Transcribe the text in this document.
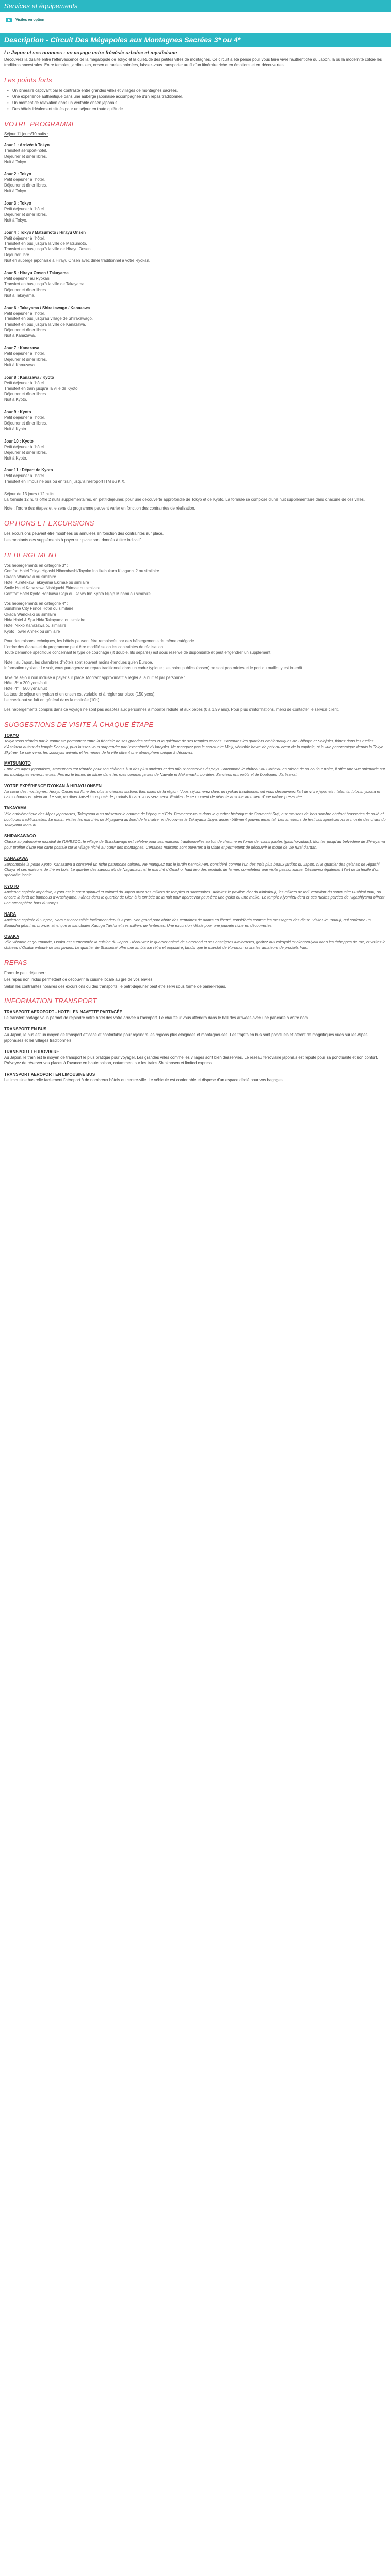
Services et équipements
Visites en option
Description - Circuit Des Mégapoles aux Montagnes Sacrées 3* ou 4*
Le Japon et ses nuances : un voyage entre frénésie urbaine et mysticisme

Découvrez la dualité entre l'effervescence de la mégalopole de Tokyo et la quiétude des petites villes de montagnes. Ce circuit a été pensé pour vous faire vivre l'authenticité du Japon, là où la modernité côtoie les traditions ancestrales. Entre temples, jardins zen, onsen et ruelles animées, laissez-vous transporter au fil d'un itinéraire riche en émotions et en découvertes.

Les points forts
• Un itinéraire captivant par le contraste entre grandes villes et villages de montagnes sacrées.
• Une expérience authentique dans une auberge japonaise accompagnée d'un repas traditionnel.
• Un moment de relaxation dans un véritable onsen japonais.
• Des hôtels idéalement situés pour un séjour en toute quiétude.
VOTRE PROGRAMME
Séjour 11 jours/10 nuits :
Jour 1 : Arrivée à Tokyo
Transfert aéroport-hôtel.
Déjeuner et dîner libres.
Nuit à Tokyo.
Jour 2 : Tokyo
Petit déjeuner à l'hôtel.
Déjeuner et dîner libres.
Nuit à Tokyo.
Jour 3 : Tokyo
Petit déjeuner à l'hôtel.
Déjeuner et dîner libres.
Nuit à Tokyo.
Jour 4 : Tokyo / Matsumoto / Hirayu Onsen
Petit déjeuner à l'hôtel.
Transfert en bus jusqu'à la ville de Matsumoto.
Transfert en bus jusqu'à la ville de Hirayu Onsen.
Déjeuner libre.
Nuit en auberge japonaise à Hirayu Onsen avec dîner traditionnel à votre Ryokan.
Jour 5 : Hirayu Onsen / Takayama
Petit déjeuner au Ryokan.
Transfert en bus jusqu'à la ville de Takayama.
Déjeuner et dîner libres.
Nuit à Takayama.
Jour 6 : Takayama / Shirakawago / Kanazawa
Petit déjeuner à l'hôtel.
Transfert en bus jusqu'au village de Shirakawago.
Transfert en bus jusqu'à la ville de Kanazawa.
Déjeuner et dîner libres.
Nuit à Kanazawa.
Jour 7 : Kanazawa
Petit déjeuner à l'hôtel.
Déjeuner et dîner libres.
Nuit à Kanazawa.
Jour 8 : Kanazawa / Kyoto
Petit déjeuner à l'hôtel.
Transfert en train jusqu'à la ville de Kyoto.
Déjeuner et dîner libres.
Nuit à Kyoto.
Jour 9 : Kyoto
Petit déjeuner à l'hôtel.
Déjeuner et dîner libres.
Nuit à Kyoto.
Jour 10 : Kyoto
Petit déjeuner à l'hôtel.
Déjeuner et dîner libres.
Nuit à Kyoto.
Jour 11 : Départ de Kyoto
Petit déjeuner à l'hôtel.
Transfert en limousine bus ou en train jusqu'à l'aéroport ITM ou KIX.

Séjour de 13 jours / 12 nuits

La formule 12 nuits offre 2 nuits supplémentaires, en petit-déjeuner, pour une découverte approfondie de Tokyo et de Kyoto. La formule se compose d'une nuit supplémentaire dans chacune de ces villes.

Note : l'ordre des étapes et le sens du programme peuvent varier en fonction des contraintes de réalisation.

OPTIONS ET EXCURSIONS

Les excursions peuvent être modifiées ou annulées en fonction des contraintes sur place.

Les montants des suppléments à payer sur place sont donnés à titre indicatif.

HEBERGEMENT

Vos hébergements en catégorie 3* :

Comfort Hotel Tokyo Higashi Nihombashi/Toyoko Inn Ikebukuro Kitaguchi 2 ou similaire

Okada Wanokaki ou similaire

Hotel Kuretekaw Takayama Ekimae ou similaire

Smile Hotel Kanazawa Nishiguchi Ekimae ou similaire

Comfort Hotel Kyoto Horikawa Gojo ou Daiwa Inn Kyoto Nijojo Minami ou similaire

Vos hébergements en catégorie 4* :

Sunshine City Prince Hotel ou similaire

Okada Wanokaki ou similaire

Hida Hotel & Spa Hida Takayama ou similaire

Hotel Nikko Kanazawa ou similaire

Kyoto Tower Annex ou similaire

Pour des raisons techniques, les hôtels peuvent être remplacés par des hébergements de même catégorie.

L'ordre des étapes et du programme peut être modifié selon les contraintes de réalisation.

Toute demande spécifique concernant le type de couchage (lit double, lits séparés) est sous réserve de disponibilité et peut engendrer un supplément.

Note : au Japon, les chambres d'hôtels sont souvent moins étendues qu'en Europe.

Information ryokan : Le soir, vous partagerez un repas traditionnel dans un cadre typique ; les bains publics (onsen) ne sont pas mixtes et le port du maillot y est interdit.

Taxe de séjour non incluse à payer sur place. Montant approximatif à régler à la nuit et par personne :

Hôtel 3* = 200 yens/nuit

Hôtel 4* = 500 yens/nuit

La taxe de séjour en ryokan et en onsen est variable et à régler sur place (150 yens).

Le check-out se fait en général dans la matinée (10h).

Les hébergements compris dans ce voyage ne sont pas adaptés aux personnes à mobilité réduite et aux bébés (0 à 1,99 ans). Pour plus d'informations, merci de contacter le service client.

SUGGESTIONS DE VISITE À CHAQUE ÉTAPE
TOKYO
Tokyo vous séduira par le contraste permanent entre la frénésie de ses grandes artères et la quiétude de ses temples cachés. Parcourez les quartiers emblématiques de Shibuya et Shinjuku, flânez dans les ruelles d'Asakusa autour du temple Senso-ji, puis laissez-vous surprendre par l'excentricité d'Harajuku. Ne manquez pas le sanctuaire Meiji, véritable havre de paix au cœur de la capitale, ni la vue panoramique depuis la Tokyo Skytree. Le soir venu, les izakayas animés et les néons de la ville offrent une atmosphère unique à découvrir.
MATSUMOTO
Entre les Alpes japonaises, Matsumoto est réputée pour son château, l'un des plus anciens et des mieux conservés du pays. Surnommé le château du Corbeau en raison de sa couleur noire, il offre une vue splendide sur les montagnes environnantes. Prenez le temps de flâner dans les rues commerçantes de Nawate et Nakamachi, bordées d'anciens entrepôts et de boutiques d'artisanat.
VOTRE EXPÉRIENCE RYOKAN À HIRAYU ONSEN
Au cœur des montagnes, Hirayu Onsen est l'une des plus anciennes stations thermales de la région. Vous séjournerez dans un ryokan traditionnel, où vous découvrirez l'art de vivre japonais : tatamis, futons, yukata et bains chauds en plein air. Le soir, un dîner kaiseki composé de produits locaux vous sera servi. Profitez de ce moment de détente absolue au milieu d'une nature préservée.
TAKAYAMA
Ville emblématique des Alpes japonaises, Takayama a su préserver le charme de l'époque d'Edo. Promenez-vous dans le quartier historique de Sanmachi Suji, aux maisons de bois sombre abritant brasseries de saké et boutiques traditionnelles. Le matin, visitez les marchés de Miyagawa au bord de la rivière, et découvrez le Takayama Jinya, ancien bâtiment gouvernemental. Les amateurs de festivals apprécieront le musée des chars du Takayama Matsuri.
SHIRAKAWAGO
Classé au patrimoine mondial de l'UNESCO, le village de Shirakawago est célèbre pour ses maisons traditionnelles au toit de chaume en forme de mains jointes (gassho-zukuri). Montez jusqu'au belvédère de Shiroyama pour profiter d'une vue carte postale sur le village niché au cœur des montagnes. Certaines maisons sont ouvertes à la visite et permettent de découvrir le mode de vie rural d'antan.
KANAZAWA
Surnommée la petite Kyoto, Kanazawa a conservé un riche patrimoine culturel. Ne manquez pas le jardin Kenroku-en, considéré comme l'un des trois plus beaux jardins du Japon, ni le quartier des geishas de Higashi Chaya et ses maisons de thé en bois. Le quartier des samouraïs de Nagamachi et le marché d'Omicho, haut lieu des produits de la mer, complètent une visite passionnante. Découvrez également l'art de la feuille d'or, spécialité locale.
KYOTO
Ancienne capitale impériale, Kyoto est le cœur spirituel et culturel du Japon avec ses milliers de temples et sanctuaires. Admirez le pavillon d'or du Kinkaku-ji, les milliers de torii vermillon du sanctuaire Fushimi Inari, ou encore la forêt de bambous d'Arashiyama. Flânez dans le quartier de Gion à la tombée de la nuit pour apercevoir peut-être une geiko ou une maiko. Le temple Kiyomizu-dera et ses ruelles pavées de Higashiyama offrent une atmosphère hors du temps.
NARA
Ancienne capitale du Japon, Nara est accessible facilement depuis Kyoto. Son grand parc abrite des centaines de daims en liberté, considérés comme les messagers des dieux. Visitez le Todai-ji, qui renferme un Bouddha géant en bronze, ainsi que le sanctuaire Kasuga Taisha et ses milliers de lanternes. Une excursion idéale pour une journée riche en découvertes.
OSAKA
Ville vibrante et gourmande, Osaka est surnommée la cuisine du Japon. Découvrez le quartier animé de Dotonbori et ses enseignes lumineuses, goûtez aux takoyaki et okonomiyaki dans les échoppes de rue, et visitez le château d'Osaka entouré de ses jardins. Le quartier de Shinsekai offre une ambiance rétro et populaire, tandis que le marché de Kuromon ravira les amateurs de produits frais.
REPAS

Formule petit déjeuner :

Les repas non inclus permettent de découvrir la cuisine locale au gré de vos envies.

Selon les contraintes horaires des excursions ou des transports, le petit-déjeuner peut être servi sous forme de panier-repas.

INFORMATION TRANSPORT
TRANSPORT AEROPORT - HOTEL EN NAVETTE PARTAGÉE

Le transfert partagé vous permet de rejoindre votre hôtel dès votre arrivée à l'aéroport. Le chauffeur vous attendra dans le hall des arrivées avec une pancarte à votre nom.

TRANSPORT EN BUS

Au Japon, le bus est un moyen de transport efficace et confortable pour rejoindre les régions plus éloignées et montagneuses. Les trajets en bus sont ponctuels et offrent de magnifiques vues sur les Alpes japonaises et les villages traditionnels.

TRANSPORT FERROVIAIRE

Au Japon, le train est le moyen de transport le plus pratique pour voyager. Les grandes villes comme les villages sont bien desservies. Le réseau ferroviaire japonais est réputé pour sa ponctualité et son confort. Prévoyez de réserver vos places à l'avance en haute saison, notamment sur les trains Shinkansen et limited express.

TRANSPORT AEROPORT EN LIMOUSINE BUS

Le limousine bus relie facilement l'aéroport à de nombreux hôtels du centre-ville. Le véhicule est confortable et dispose d'un espace dédié pour vos bagages.
